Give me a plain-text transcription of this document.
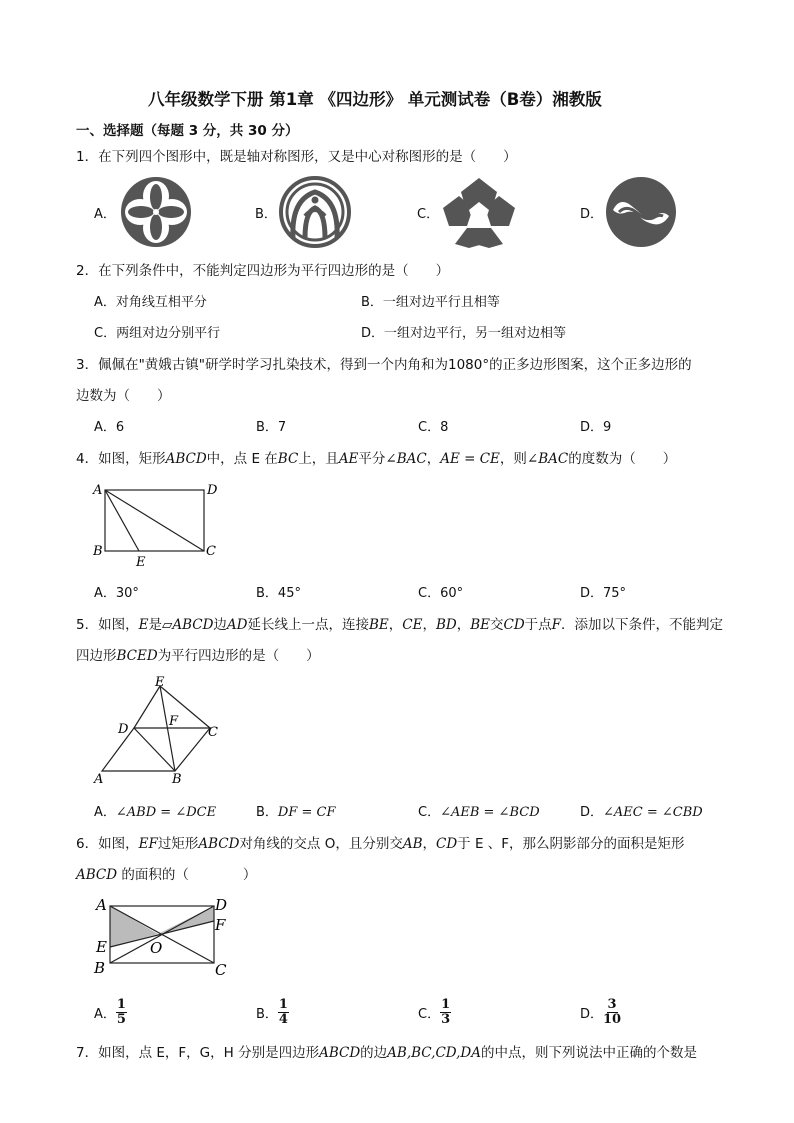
八年级数学下册 第1章 《四边形》 单元测试卷（B卷）湘教版
一、选择题（每题 3 分，共 30 分）
1．在下列四个图形中，既是轴对称图形，又是中心对称图形的是（　　）
A．	B．	C．	D．
2．在下列条件中，不能判定四边形为平行四边形的是（　　）
A．对角线互相平分	B．一组对边平行且相等
C．两组对边分别平行	D．一组对边平行，另一组对边相等
3．佩佩在"黄娥古镇"研学时学习扎染技术，得到一个内角和为1080°的正多边形图案，这个正多边形的
边数为（　　）
A．6	B．7	C．8	D．9
4．如图，矩形ABCD中，点 E 在BC上，且AE平分∠BAC，AE = CE，则∠BAC的度数为（　　）
A	D
B	C
E
A．30°	B．45°	C．60°	D．75°
5．如图，E是▱ABCD边AD延长线上一点，连接BE，CE，BD，BE交CD于点F．添加以下条件，不能判定
四边形BCED为平行四边形的是（　　）
E
D
F
C
A	B
A．∠ABD = ∠DCE	B．DF = CF	C．∠AEB = ∠BCD	D．∠AEC = ∠CBD
6．如图，EF过矩形ABCD对角线的交点 O，且分别交AB，CD于 E 、F，那么阴影部分的面积是矩形
ABCD 的面积的（　　　　）
A	D
F
E	O
B	C
A． $\frac{1}{5}$	B． $\frac{1}{4}$	C． $\frac{1}{3}$	D． $\frac{3}{10}$
7．如图，点 E，F，G，H 分别是四边形ABCD的边AB,BC,CD,DA的中点，则下列说法中正确的个数是
